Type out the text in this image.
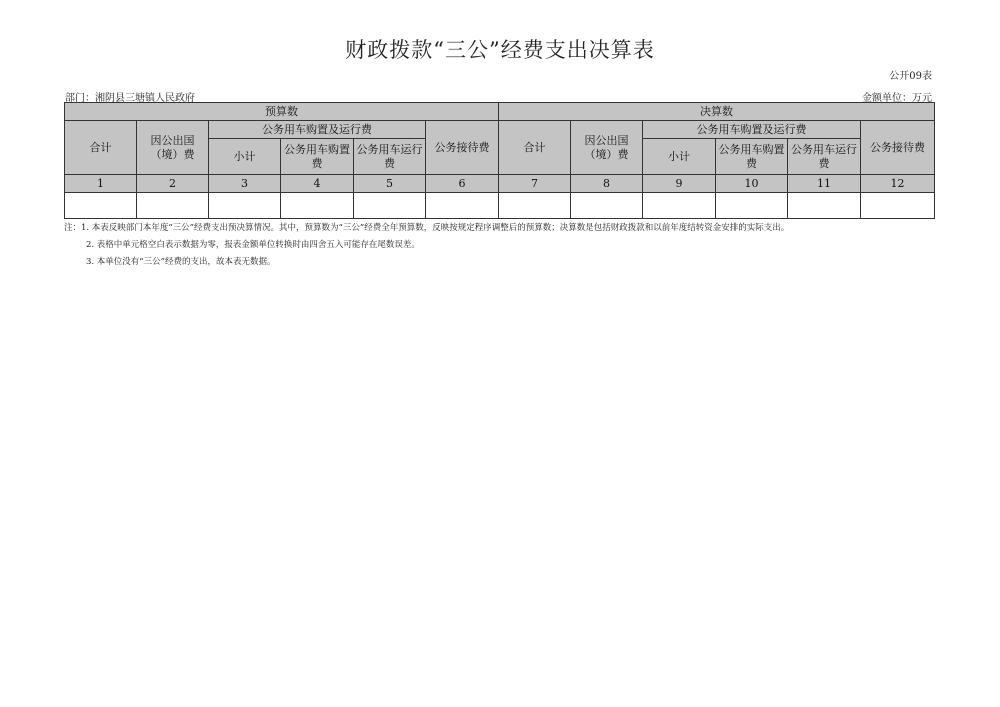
财政拨款“三公”经费支出决算表
公开09表
部门：湘阴县三塘镇人民政府	金额单位：万元
预算数						决算数					
合计	因公出国（境）费	公务用车购置及运行费			公务接待费	合计	因公出国（境）费	公务用车购置及运行费			公务接待费
		小计	公务用车购置费	公务用车运行费				小计	公务用车购置费	公务用车运行费	
1	2	3	4	5	6	7	8	9	10	11	12

注：1. 本表反映部门本年度“三公”经费支出预决算情况。其中，预算数为“三公”经费全年预算数，反映按规定程序调整后的预算数；决算数是包括财政拨款和以前年度结转资金安排的实际支出。

2. 表格中单元格空白表示数据为零，报表金额单位转换时由四舍五入可能存在尾数误差。

3. 本单位没有“三公”经费的支出，故本表无数据。
